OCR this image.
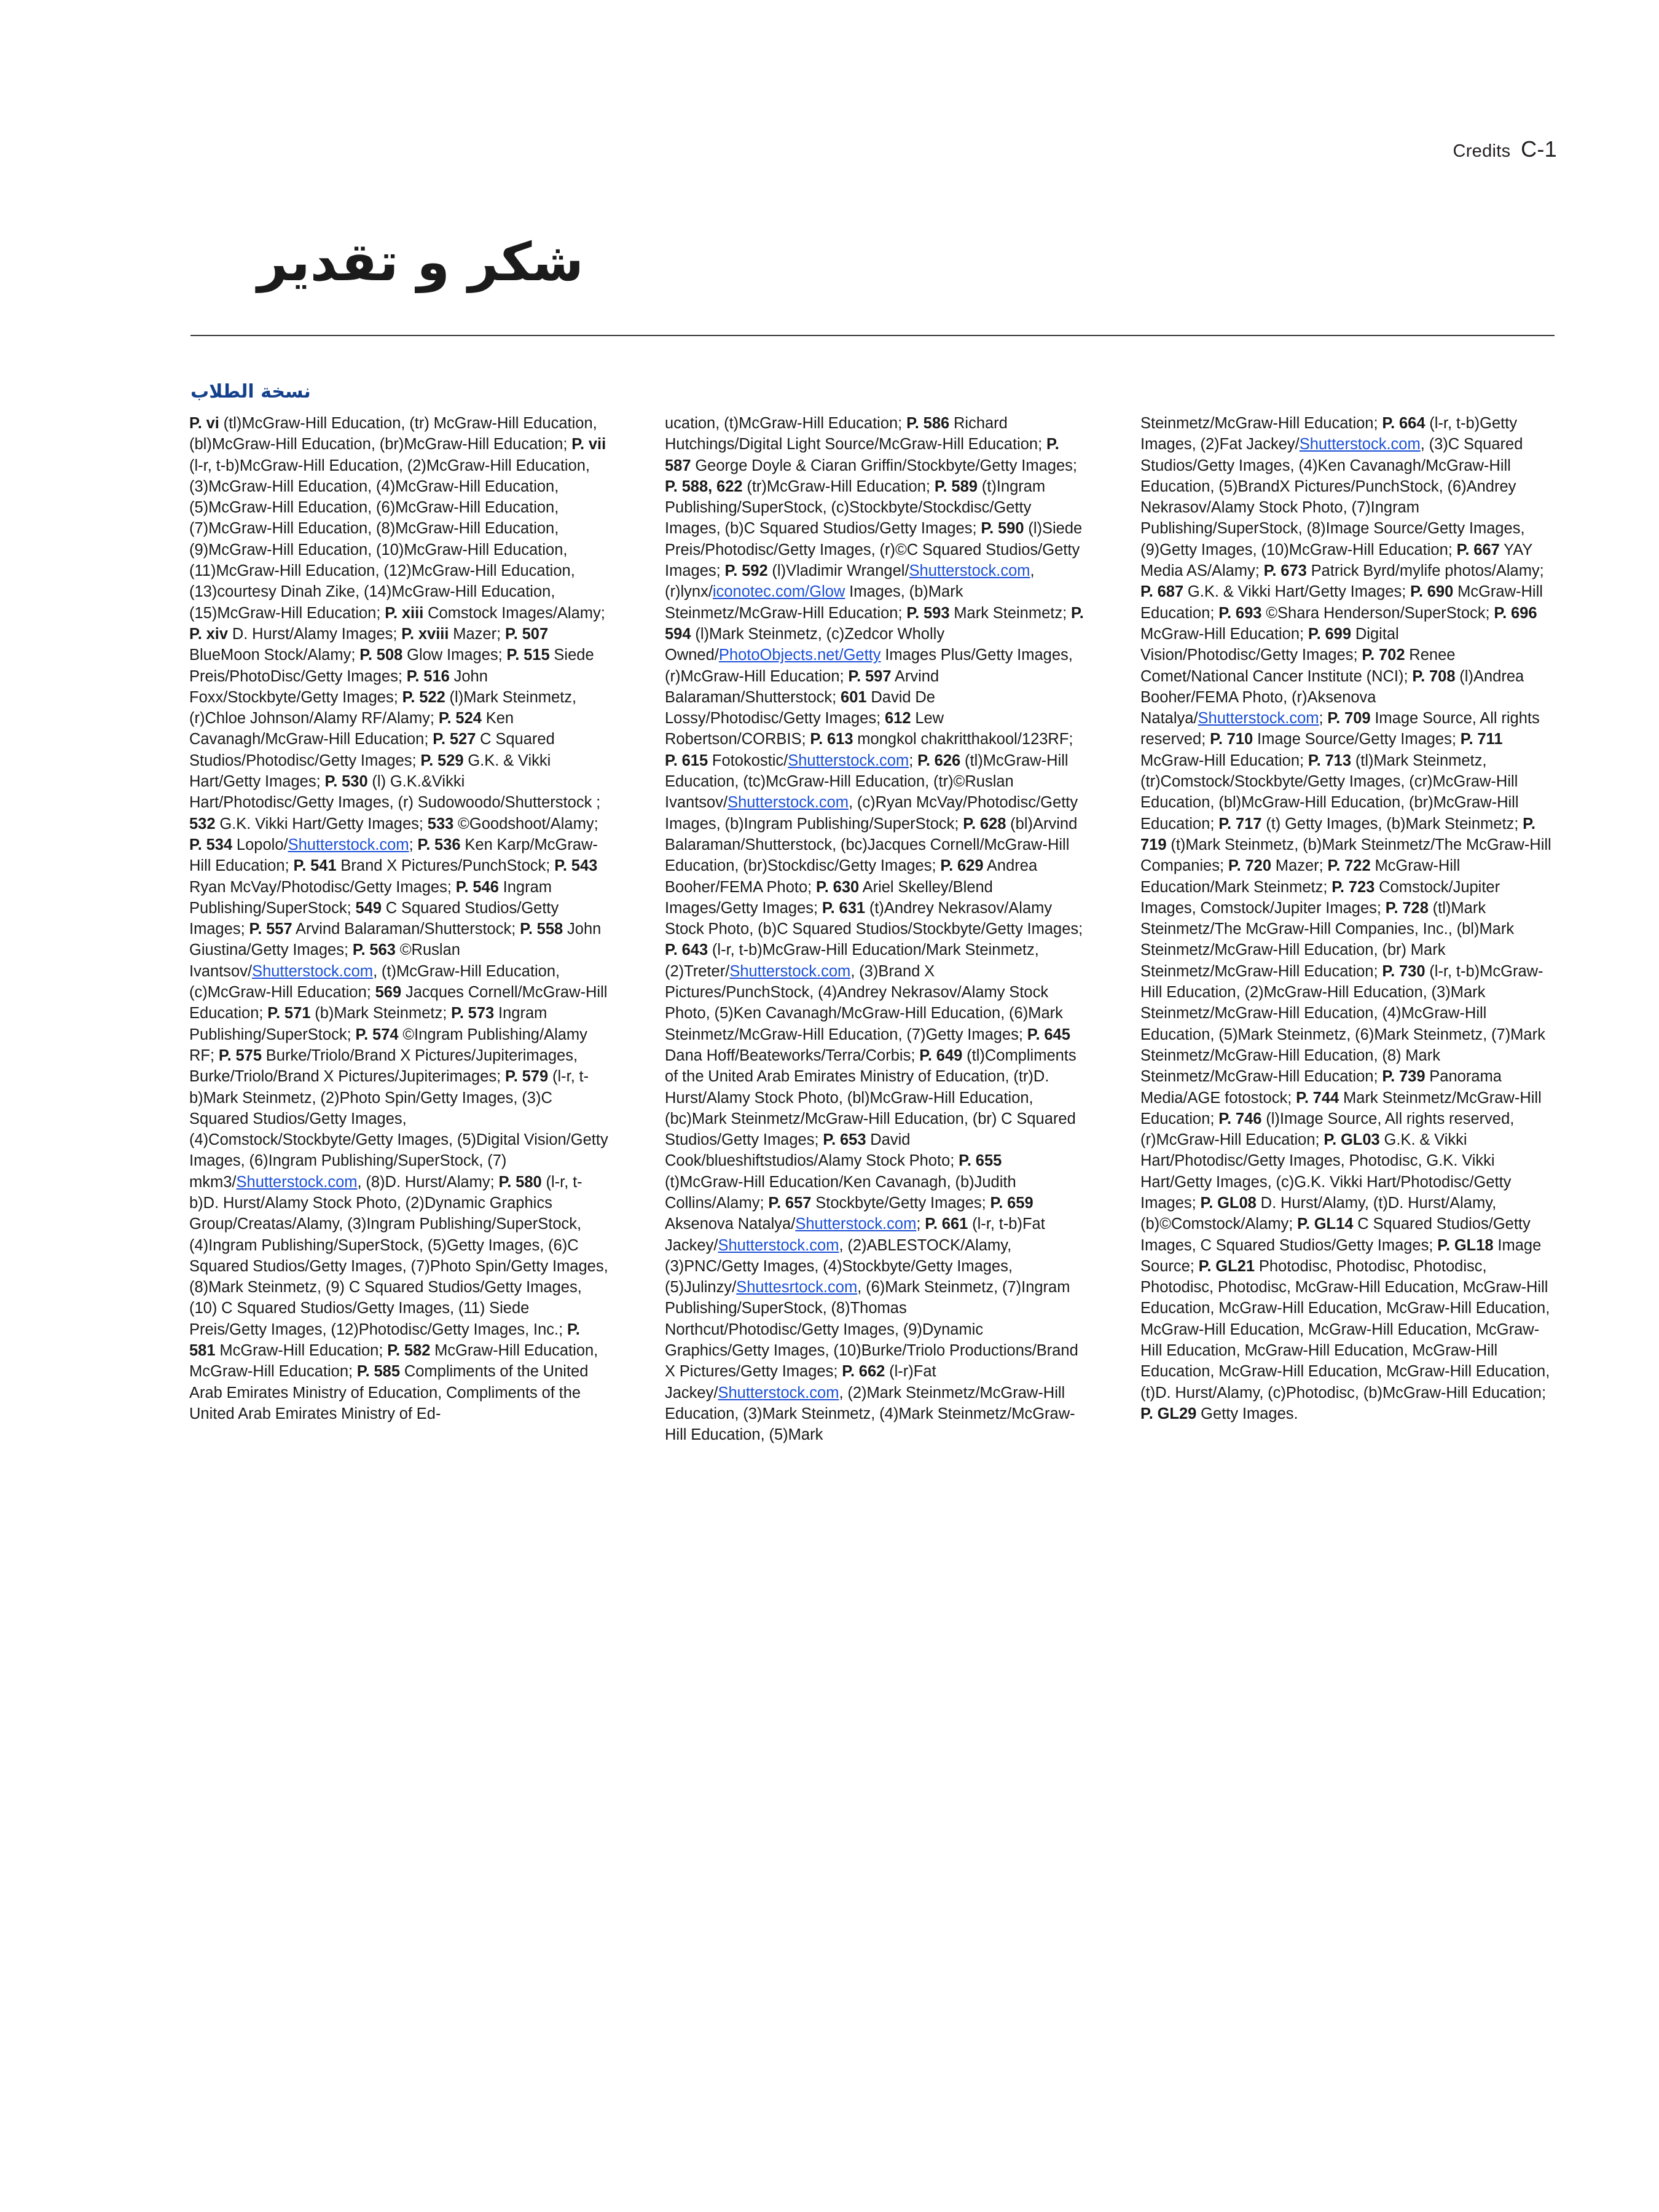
Credits C-1
شكر و تقدير
نسخة الطلاب

P. vi (tl)McGraw-Hill Education, (tr) McGraw-Hill Education, (bl)McGraw-Hill Education, (br)McGraw-Hill Education; P. vii (l-r, t-b)McGraw-Hill Education, (2)McGraw-Hill Education, (3)McGraw-Hill Education, (4)McGraw-Hill Education, (5)McGraw-Hill Education, (6)McGraw-Hill Education, (7)McGraw-Hill Education, (8)McGraw-Hill Education, (9)McGraw-Hill Education, (10)McGraw-Hill Education, (11)McGraw-Hill Education, (12)McGraw-Hill Education, (13)courtesy Dinah Zike, (14)McGraw-Hill Education, (15)McGraw-Hill Education; P. xiii Comstock Images/Alamy; P. xiv D. Hurst/Alamy Images; P. xviii Mazer; P. 507 BlueMoon Stock/Alamy; P. 508 Glow Images; P. 515 Siede Preis/PhotoDisc/Getty Images; P. 516 John Foxx/Stockbyte/Getty Images; P. 522 (l)Mark Steinmetz, (r)Chloe Johnson/Alamy RF/Alamy; P. 524 Ken Cavanagh/McGraw-Hill Education; P. 527 C Squared Studios/Photodisc/Getty Images; P. 529 G.K. & Vikki Hart/Getty Images; P. 530 (l) G.K.&Vikki Hart/Photodisc/Getty Images, (r) Sudowoodo/Shutterstock ; 532 G.K. Vikki Hart/Getty Images; 533 ©Goodshoot/Alamy; P. 534 Lopolo/Shutterstock.com; P. 536 Ken Karp/McGraw-Hill Education; P. 541 Brand X Pictures/PunchStock; P. 543 Ryan McVay/Photodisc/Getty Images; P. 546 Ingram Publishing/SuperStock; 549 C Squared Studios/Getty Images; P. 557 Arvind Balaraman/Shutterstock; P. 558 John Giustina/Getty Images; P. 563 ©Ruslan Ivantsov/Shutterstock.com, (t)McGraw-Hill Education, (c)McGraw-Hill Education; 569 Jacques Cornell/McGraw-Hill Education; P. 571 (b)Mark Steinmetz; P. 573 Ingram Publishing/SuperStock; P. 574 ©Ingram Publishing/Alamy RF; P. 575 Burke/Triolo/Brand X Pictures/Jupiterimages, Burke/Triolo/Brand X Pictures/Jupiterimages; P. 579 (l-r, t-b)Mark Steinmetz, (2)Photo Spin/Getty Images, (3)C Squared Studios/Getty Images, (4)Comstock/Stockbyte/Getty Images, (5)Digital Vision/Getty Images, (6)Ingram Publishing/SuperStock, (7) mkm3/Shutterstock.com, (8)D. Hurst/Alamy; P. 580 (l-r, t-b)D. Hurst/Alamy Stock Photo, (2)Dynamic Graphics Group/Creatas/Alamy, (3)Ingram Publishing/SuperStock, (4)Ingram Publishing/SuperStock, (5)Getty Images, (6)C Squared Studios/Getty Images, (7)Photo Spin/Getty Images, (8)Mark Steinmetz, (9) C Squared Studios/Getty Images, (10) C Squared Studios/Getty Images, (11) Siede Preis/Getty Images, (12)Photodisc/Getty Images, Inc.; P. 581 McGraw-Hill Education; P. 582 McGraw-Hill Education, McGraw-Hill Education; P. 585 Compliments of the United Arab Emirates Ministry of Education, Compliments of the United Arab Emirates Ministry of Ed-

ucation, (t)McGraw-Hill Education; P. 586 Richard Hutchings/Digital Light Source/McGraw-Hill Education; P. 587 George Doyle & Ciaran Griffin/Stockbyte/Getty Images; P. 588, 622 (tr)McGraw-Hill Education; P. 589 (t)Ingram Publishing/SuperStock, (c)Stockbyte/Stockdisc/Getty Images, (b)C Squared Studios/Getty Images; P. 590 (l)Siede Preis/Photodisc/Getty Images, (r)©C Squared Studios/Getty Images; P. 592 (l)Vladimir Wrangel/Shutterstock.com, (r)lynx/iconotec.com/Glow Images, (b)Mark Steinmetz/McGraw-Hill Education; P. 593 Mark Steinmetz; P. 594 (l)Mark Steinmetz, (c)Zedcor Wholly Owned/PhotoObjects.net/Getty Images Plus/Getty Images, (r)McGraw-Hill Education; P. 597 Arvind Balaraman/Shutterstock; 601 David De Lossy/Photodisc/Getty Images; 612 Lew Robertson/CORBIS; P. 613 mongkol chakritthakool/123RF; P. 615 Fotokostic/Shutterstock.com; P. 626 (tl)McGraw-Hill Education, (tc)McGraw-Hill Education, (tr)©Ruslan Ivantsov/Shutterstock.com, (c)Ryan McVay/Photodisc/Getty Images, (b)Ingram Publishing/SuperStock; P. 628 (bl)Arvind Balaraman/Shutterstock, (bc)Jacques Cornell/McGraw-Hill Education, (br)Stockdisc/Getty Images; P. 629 Andrea Booher/FEMA Photo; P. 630 Ariel Skelley/Blend Images/Getty Images; P. 631 (t)Andrey Nekrasov/Alamy Stock Photo, (b)C Squared Studios/Stockbyte/Getty Images; P. 643 (l-r, t-b)McGraw-Hill Education/Mark Steinmetz, (2)Treter/Shutterstock.com, (3)Brand X Pictures/PunchStock, (4)Andrey Nekrasov/Alamy Stock Photo, (5)Ken Cavanagh/McGraw-Hill Education, (6)Mark Steinmetz/McGraw-Hill Education, (7)Getty Images; P. 645 Dana Hoff/Beateworks/Terra/Corbis; P. 649 (tl)Compliments of the United Arab Emirates Ministry of Education, (tr)D. Hurst/Alamy Stock Photo, (bl)McGraw-Hill Education, (bc)Mark Steinmetz/McGraw-Hill Education, (br) C Squared Studios/Getty Images; P. 653 David Cook/blueshiftstudios/Alamy Stock Photo; P. 655 (t)McGraw-Hill Education/Ken Cavanagh, (b)Judith Collins/Alamy; P. 657 Stockbyte/Getty Images; P. 659 Aksenova Natalya/Shutterstock.com; P. 661 (l-r, t-b)Fat Jackey/Shutterstock.com, (2)ABLESTOCK/Alamy, (3)PNC/Getty Images, (4)Stockbyte/Getty Images, (5)Julinzy/Shuttesrtock.com, (6)Mark Steinmetz, (7)Ingram Publishing/SuperStock, (8)Thomas Northcut/Photodisc/Getty Images, (9)Dynamic Graphics/Getty Images, (10)Burke/Triolo Productions/Brand X Pictures/Getty Images; P. 662 (l-r)Fat Jackey/Shutterstock.com, (2)Mark Steinmetz/McGraw-Hill Education, (3)Mark Steinmetz, (4)Mark Steinmetz/McGraw-Hill Education, (5)Mark

Steinmetz/McGraw-Hill Education; P. 664 (l-r, t-b)Getty Images, (2)Fat Jackey/Shutterstock.com, (3)C Squared Studios/Getty Images, (4)Ken Cavanagh/McGraw-Hill Education, (5)BrandX Pictures/PunchStock, (6)Andrey Nekrasov/Alamy Stock Photo, (7)Ingram Publishing/SuperStock, (8)Image Source/Getty Images, (9)Getty Images, (10)McGraw-Hill Education; P. 667 YAY Media AS/Alamy; P. 673 Patrick Byrd/mylife photos/Alamy; P. 687 G.K. & Vikki Hart/Getty Images; P. 690 McGraw-Hill Education; P. 693 ©Shara Henderson/SuperStock; P. 696 McGraw-Hill Education; P. 699 Digital Vision/Photodisc/Getty Images; P. 702 Renee Comet/National Cancer Institute (NCI); P. 708 (l)Andrea Booher/FEMA Photo, (r)Aksenova Natalya/Shutterstock.com; P. 709 Image Source, All rights reserved; P. 710 Image Source/Getty Images; P. 711 McGraw-Hill Education; P. 713 (tl)Mark Steinmetz, (tr)Comstock/Stockbyte/Getty Images, (cr)McGraw-Hill Education, (bl)McGraw-Hill Education, (br)McGraw-Hill Education; P. 717 (t) Getty Images, (b)Mark Steinmetz; P. 719 (t)Mark Steinmetz, (b)Mark Steinmetz/The McGraw-Hill Companies; P. 720 Mazer; P. 722 McGraw-Hill Education/Mark Steinmetz; P. 723 Comstock/Jupiter Images, Comstock/Jupiter Images; P. 728 (tl)Mark Steinmetz/The McGraw-Hill Companies, Inc., (bl)Mark Steinmetz/McGraw-Hill Education, (br) Mark Steinmetz/McGraw-Hill Education; P. 730 (l-r, t-b)McGraw-Hill Education, (2)McGraw-Hill Education, (3)Mark Steinmetz/McGraw-Hill Education, (4)McGraw-Hill Education, (5)Mark Steinmetz, (6)Mark Steinmetz, (7)Mark Steinmetz/McGraw-Hill Education, (8) Mark Steinmetz/McGraw-Hill Education; P. 739 Panorama Media/AGE fotostock; P. 744 Mark Steinmetz/McGraw-Hill Education; P. 746 (l)Image Source, All rights reserved, (r)McGraw-Hill Education; P. GL03 G.K. & Vikki Hart/Photodisc/Getty Images, Photodisc, G.K. Vikki Hart/Getty Images, (c)G.K. Vikki Hart/Photodisc/Getty Images; P. GL08 D. Hurst/Alamy, (t)D. Hurst/Alamy, (b)©Comstock/Alamy; P. GL14 C Squared Studios/Getty Images, C Squared Studios/Getty Images; P. GL18 Image Source; P. GL21 Photodisc, Photodisc, Photodisc, Photodisc, Photodisc, McGraw-Hill Education, McGraw-Hill Education, McGraw-Hill Education, McGraw-Hill Education, McGraw-Hill Education, McGraw-Hill Education, McGraw-Hill Education, McGraw-Hill Education, McGraw-Hill Education, McGraw-Hill Education, McGraw-Hill Education, (t)D. Hurst/Alamy, (c)Photodisc, (b)McGraw-Hill Education; P. GL29 Getty Images.
